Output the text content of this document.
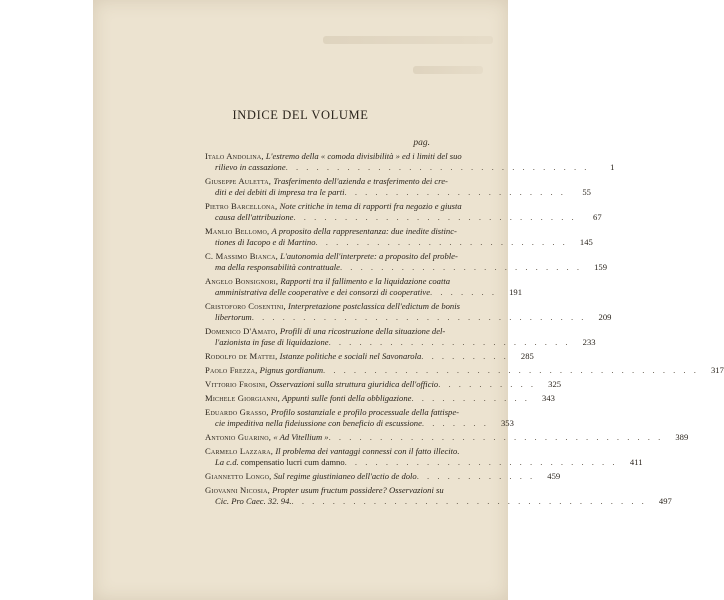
INDICE DEL VOLUME
pag.
Italo Andolina,
L'estremo della « comoda divisibilità » ed i limiti del suo
rilievo in cassazione . . . . . . . . . . . . . . . . . . . . . . . . . . . . . .	1
Giuseppe Auletta,
Trasferimento dell'azienda e trasferimento dei cre-
diti e dei debiti di impresa tra le parti . . . . . . . . . . . . . . . . . . . . . .	55
Pietro Barcellona,
Note critiche in tema di rapporti fra negozio e giusta
causa dell'attribuzione . . . . . . . . . . . . . . . . . . . . . . . . . . . .	67
Manlio Bellomo,
A proposito della rappresentanza: due inedite distinc-
tiones di Iacopo e di Martino . . . . . . . . . . . . . . . . . . . . . . . . .	145
C. Massimo Bianca,
L'autonomia dell'interprete: a proposito del proble-
ma della responsabilità contrattuale . . . . . . . . . . . . . . . . . . . . . . . .	159
Angelo Bonsignori,
Rapporti tra il fallimento e la liquidazione coatta
amministrativa delle cooperative e dei consorzi di cooperative . . . . . . .	191
Cristoforo Cosentini,
Interpretazione postclassica dell'edictum de bonis
libertorum . . . . . . . . . . . . . . . . . . . . . . . . . . . . . . . . .	209
Domenico D'Amato,
Profili di una ricostruzione della situazione del-
l'azionista in fase di liquidazione . . . . . . . . . . . . . . . . . . . . . . . .	233
Rodolfo de Mattei,
Istanze politiche e sociali nel Savonarola . . . . . . . . .	285
Paolo Frezza,
Pignus gordianum . . . . . . . . . . . . . . . . . . . . . . . . . . . . . . . . . . . . .	317
Vittorio Frosini,
Osservazioni sulla struttura giuridica dell'officio . . . . . . . . . .	325
Michele Giorgianni,
Appunti sulle fonti della obbligazione . . . . . . . . . . . .	343
Eduardo Grasso,
Profilo sostanziale e profilo processuale della fattispe-
cie impeditiva nella fideiussione con beneficio di escussione . . . . . . .	353
Antonio Guarino,
« Ad Vitellium » . . . . . . . . . . . . . . . . . . . . . . . . . . . . . . . . .	389
Carmelo Lazzara,
Il problema dei vantaggi connessi con il fatto illecito.
La c.d.
compensatio lucri cum damno . . . . . . . . . . . . . . . . . . . . . . . . . . .	411
Giannetto Longo,
Sul regime giustinianeo dell'actio de dolo . . . . . . . . . . . .	459
Giovanni Nicosia,
Propter usum fructum possidere? Osservazioni su
Cic. Pro Caec. 32. 94. . . . . . . . . . . . . . . . . . . . . . . . . . . . . . . . . . . .	497
